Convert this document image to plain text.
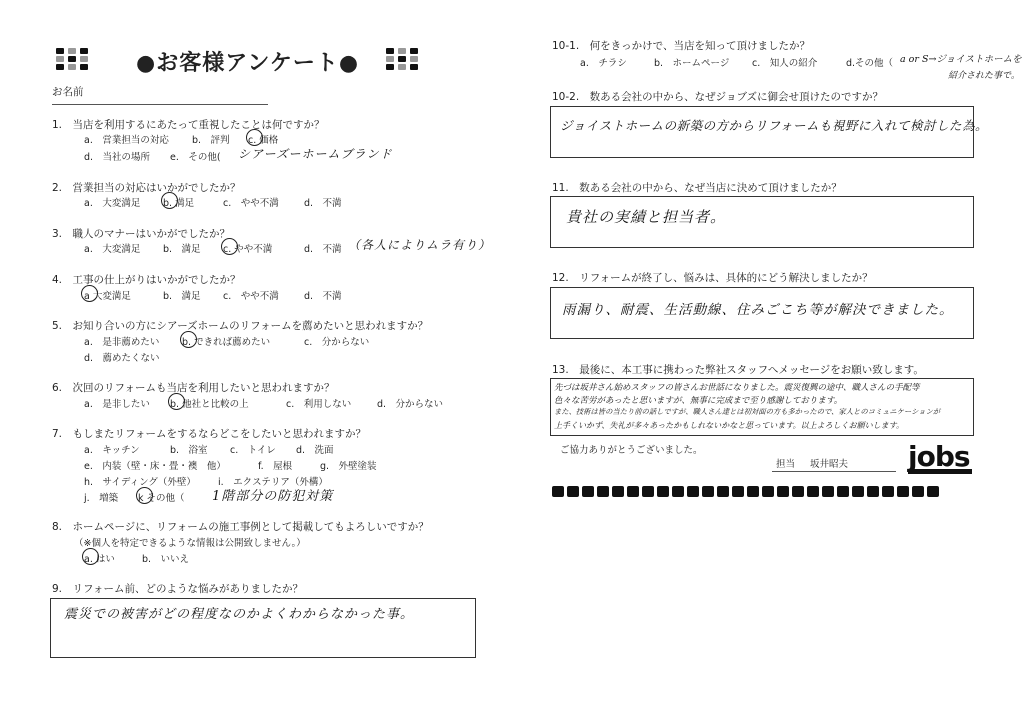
●お客様アンケート●
お名前
1.　当店を利用するにあたって重視したことは何ですか？
a.　営業担当の対応 b.　評判 c. 価格
d.　当社の場所 e.　その他( シアーズーホームブランド
2.　営業担当の対応はいかがでしたか？
a.　大変満足 b. 満足	c.　やや不満	d.　不満
3.　職人のマナーはいかがでしたか？
a.　大変満足 b.　満足 c. やや不満	d.　不満 （各人によりムラ有り）
4.　工事の仕上がりはいかがでしたか？
a 大変満足	b.　満足 c.　やや不満	d.　不満
5.　お知り合いの方にシアーズホームのリフォームを薦めたいと思われますか？
a.　是非薦めたい b. できれば薦めたい	c.　分からない
d.　薦めたくない
6.　次回のリフォームも当店を利用したいと思われますか？
a.　是非したい b. 他社と比較の上	c.　利用しない	d.　分からない
7.　もしまたリフォームをするならどこをしたいと思われますか？
a.　キッチン	b.　浴室 c.　トイレ d.　洗面
e.　内装（壁・床・畳・襖　他）	f.　屋根	g.　外壁塗装
h.　サイディング（外壁） i.　エクステリア（外構）
j.　増築 k その他（ 1階部分の防犯対策
8.　ホームページに、リフォームの施工事例として掲載してもよろしいですか？
（※個人を特定できるような情報は公開致しません。）
a. はい	b.　いいえ
9.　リフォーム前、どのような悩みがありましたか？
震災での被害がどの程度なのかよくわからなかった事。
10-1.　何をきっかけで、当店を知って頂けましたか？
a.　チラシ	b.　ホームページ c.　知人の紹介	d.その他（ a or S→ジョイストホームを
紹介された事で。
10-2.　数ある会社の中から、なぜジョブズに御会せ頂けたのですか？
ジョイストホームの新築の方からリフォームも視野に入れて検討した為。
11.　数ある会社の中から、なぜ当店に決めて頂けましたか？
貴社の実績と担当者。
12.　リフォームが終了し、悩みは、具体的にどう解決しましたか？
雨漏り、耐震、生活動線、住みごこち等が解決できました。
13.　最後に、本工事に携わった弊社スタッフへメッセージをお願い致します。
先づは坂井さん始めスタッフの皆さんお世話になりました。震災復興の途中、職人さんの手配等
色々な苦労があったと思いますが、無事に完成まで至り感謝しております。
また、技術は皆の当たり前の話しですが、職人さん達とは初対面の方も多かったので、家人とのコミュニケーションが
上手くいかず、失礼が多々あったかもしれないかなと思っています。以上よろしくお願いします。
ご協力ありがとうございました。
担当 坂井昭夫 jobs
